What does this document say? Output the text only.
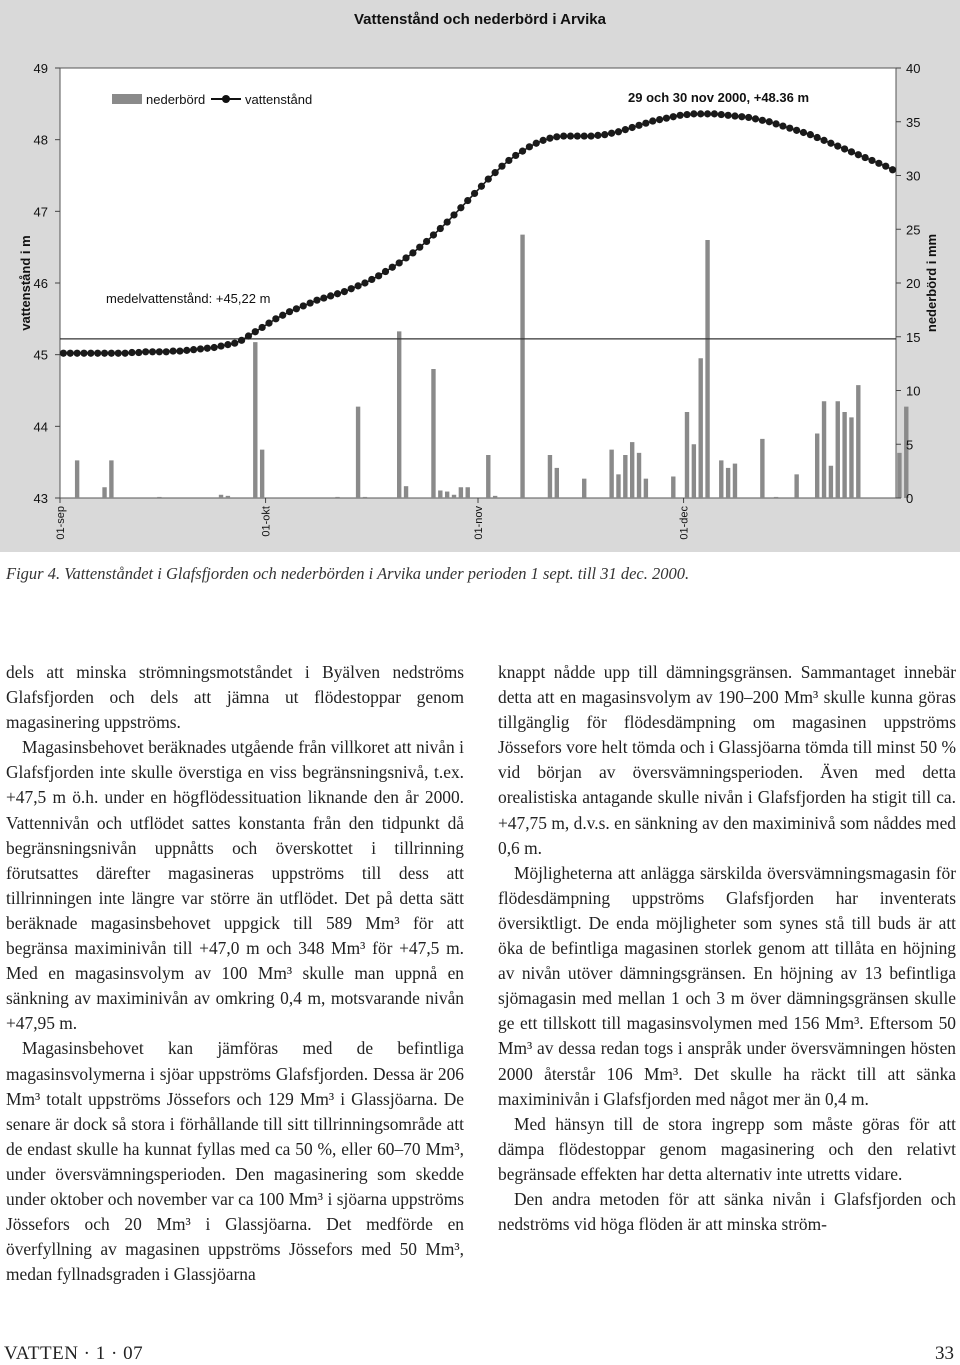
Vattenstånd och nederbörd i Arvika
vattenstånd i m	nederbörd i mm
43
44
45
46
47
48
49
0
5
10
15
20
25
30
35
40
01-sep	01-okt	01-nov	01-dec
nederbörd	vattenstånd	29 och 30 nov 2000, +48.36 m
medelvattenstånd: +45,22 m
Figur 4. Vattenståndet i Glafsfjorden och nederbörden i Arvika under perioden 1 sept. till 31 dec. 2000.

dels att minska strömningsmotståndet i Byälven nedströms Glafsfjorden och dels att jämna ut flödestoppar genom magasinering uppströms.

Magasinsbehovet beräknades utgående från villkoret att nivån i Glafsfjorden inte skulle överstiga en viss begränsningsnivå, t.ex. +47,5 m ö.h. under en högflödessituation liknande den år 2000. Vattennivån och utflödet sattes konstanta från den tidpunkt då begränsningsnivån uppnåtts och överskottet i tillrinning förutsattes därefter magasineras uppströms till dess att tillrinningen inte längre var större än utflödet. Det på detta sätt beräknade magasinsbehovet uppgick till 589 Mm³ för att begränsa maximinivån till +47,0 m och 348 Mm³ för +47,5 m. Med en magasinsvolym av 100 Mm³ skulle man uppnå en sänkning av maximinivån av omkring 0,4 m, motsvarande nivån +47,95 m.

Magasinsbehovet kan jämföras med de befintliga magasinsvolymerna i sjöar uppströms Glafsfjorden. Dessa är 206 Mm³ totalt uppströms Jössefors och 129 Mm³ i Glassjöarna. De senare är dock så stora i förhållande till sitt tillrinningsområde att de endast skulle ha kunnat fyllas med ca 50 %, eller 60–70 Mm³, under översvämningsperioden. Den magasinering som skedde under oktober och november var ca 100 Mm³ i sjöarna uppströms Jössefors och 20 Mm³ i Glassjöarna. Det medförde en överfyllning av magasinen uppströms Jössefors med 50 Mm³, medan fyllnadsgraden i Glassjöarna

knappt nådde upp till dämningsgränsen. Sammantaget innebär detta att en magasinsvolym av 190–200 Mm³ skulle kunna göras tillgänglig för flödesdämpning om magasinen uppströms Jössefors vore helt tömda och i Glassjöarna tömda till minst 50 % vid början av översvämningsperioden. Även med detta orealistiska antagande skulle nivån i Glafsfjorden ha stigit till ca. +47,75 m, d.v.s. en sänkning av den maximinivå som nåddes med 0,6 m.

Möjligheterna att anlägga särskilda översvämningsmagasin för flödesdämpning uppströms Glafsfjorden har inventerats översiktligt. De enda möjligheter som synes stå till buds är att öka de befintliga magasinen storlek genom att tillåta en höjning av nivån utöver dämningsgränsen. En höjning av 13 befintliga sjömagasin med mellan 1 och 3 m över dämningsgränsen skulle ge ett tillskott till magasinsvolymen med 156 Mm³. Eftersom 50 Mm³ av dessa redan togs i anspråk under översvämningen hösten 2000 återstår 106 Mm³. Det skulle ha räckt till att sänka maximinivån i Glafsfjorden med något mer än 0,4 m.

Med hänsyn till de stora ingrepp som måste göras för att dämpa flödestoppar genom magasinering och den relativt begränsade effekten har detta alternativ inte utretts vidare.

Den andra metoden för att sänka nivån i Glafsfjorden och nedströms vid höga flöden är att minska ström-

VATTEN · 1 · 07	33
